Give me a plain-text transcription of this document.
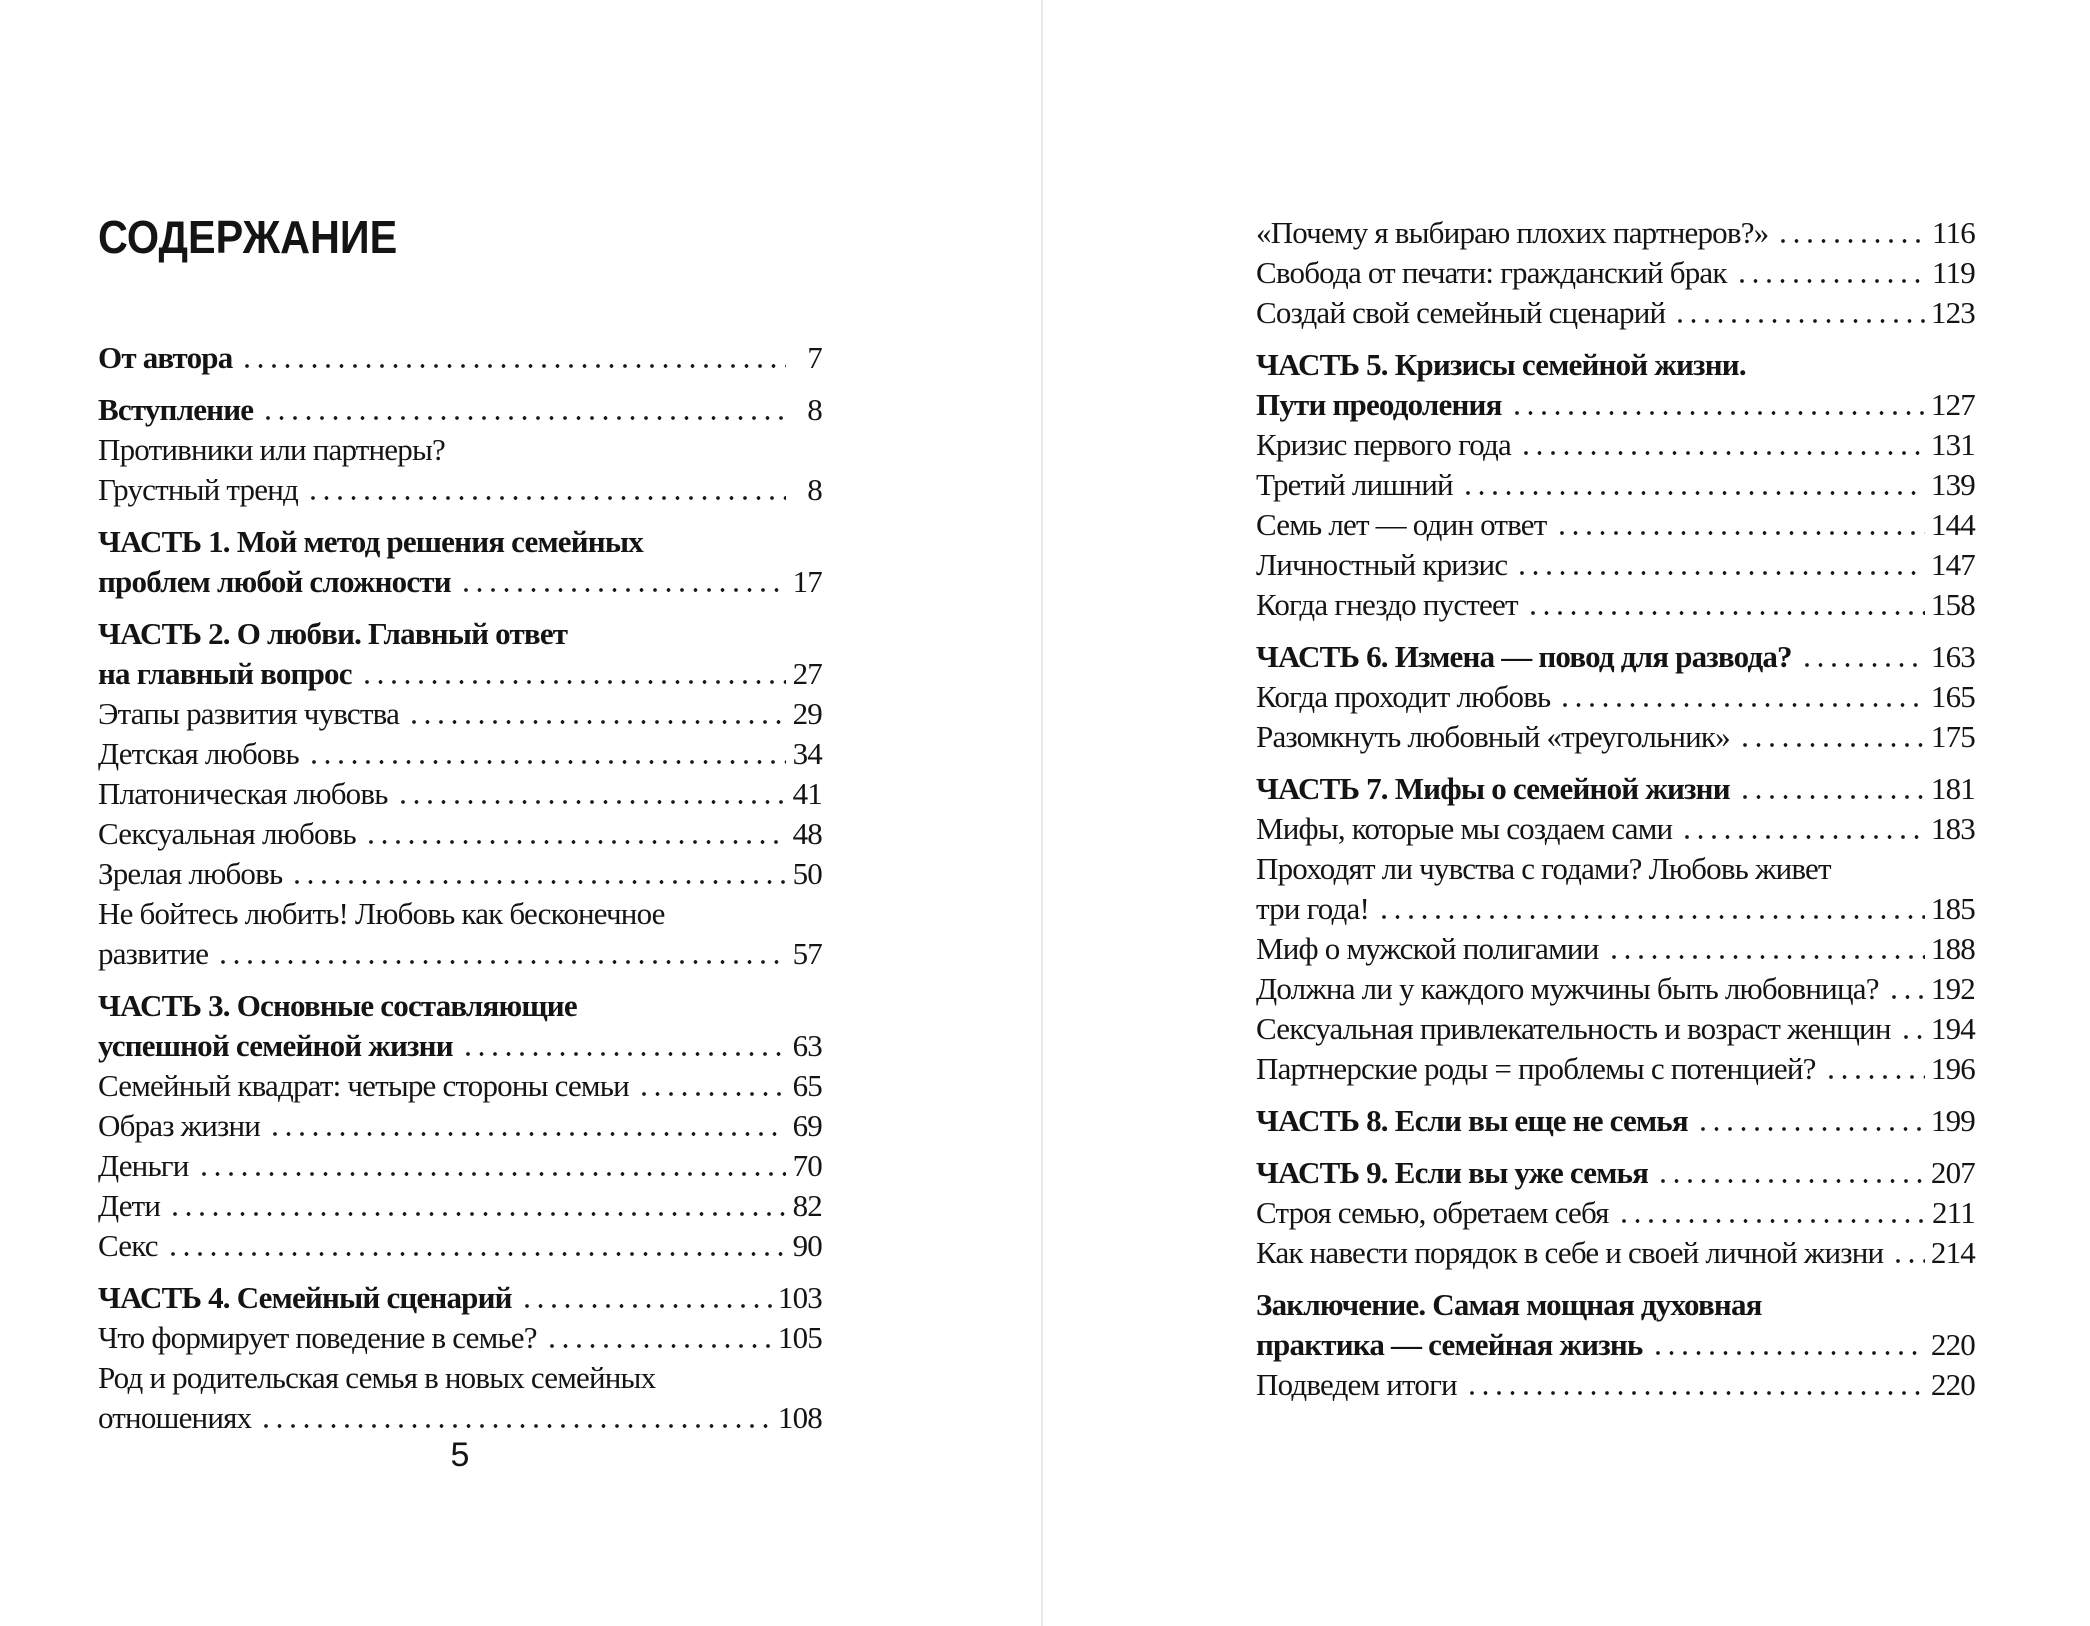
СОДЕРЖАНИЕ
От автора	7
Вступление	8
Противники или партнеры?
Грустный тренд	8
ЧАСТЬ 1. Мой метод решения семейных
проблем любой сложности	17
ЧАСТЬ 2. О любви. Главный ответ
на главный вопрос	27
Этапы развития чувства	29
Детская любовь	34
Платоническая любовь	41
Сексуальная любовь	48
Зрелая любовь	50
Не бойтесь любить! Любовь как бесконечное
развитие	57
ЧАСТЬ 3. Основные составляющие
успешной семейной жизни	63
Семейный квадрат: четыре стороны семьи	65
Образ жизни	69
Деньги	70
Дети	82
Секс	90
ЧАСТЬ 4. Семейный сценарий	103
Что формирует поведение в семье?	105
Род и родительская семья в новых семейных
отношениях	108
«Почему я выбираю плохих партнеров?»	116
Свобода от печати: гражданский брак	119
Создай свой семейный сценарий	123
ЧАСТЬ 5. Кризисы семейной жизни.
Пути преодоления	127
Кризис первого года	131
Третий лишний	139
Семь лет — один ответ	144
Личностный кризис	147
Когда гнездо пустеет	158
ЧАСТЬ 6. Измена — повод для развода?	163
Когда проходит любовь	165
Разомкнуть любовный «треугольник»	175
ЧАСТЬ 7. Мифы о семейной жизни	181
Мифы, которые мы создаем сами	183
Проходят ли чувства с годами? Любовь живет
три года!	185
Миф о мужской полигамии	188
Должна ли у каждого мужчины быть любовница? 192
Сексуальная привлекательность и возраст женщин 194
Партнерские роды = проблемы с потенцией?	196
ЧАСТЬ 8. Если вы еще не семья	199
ЧАСТЬ 9. Если вы уже семья	207
Строя семью, обретаем себя	211
Как навести порядок в себе и своей личной жизни 214
Заключение. Самая мощная духовная
практика — семейная жизнь	220
Подведем итоги	220
5
